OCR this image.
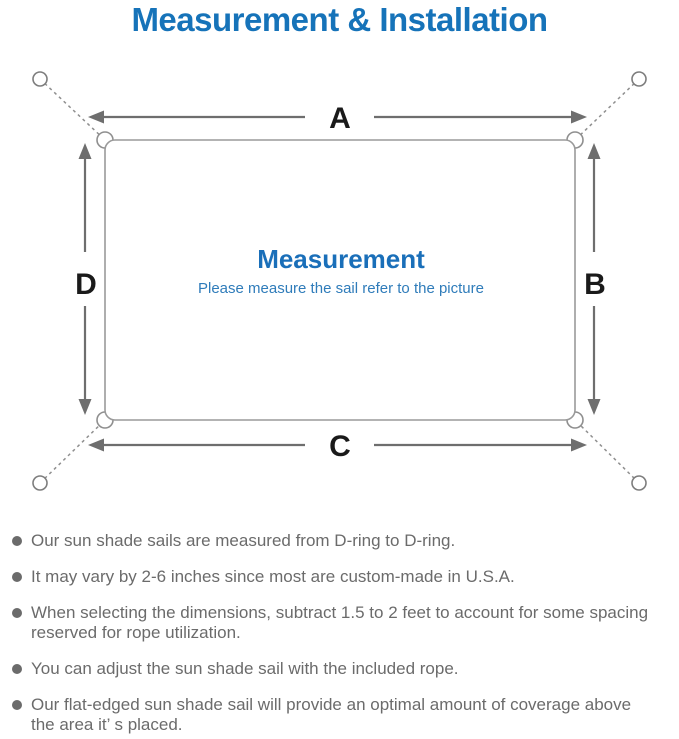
Measurement & Installation
A
B
C
D
Measurement
Please measure the sail refer to the picture
Our sun shade sails are measured from D-ring to D-ring.
It may vary by 2-6 inches since most are custom-made in U.S.A.
When selecting the dimensions, subtract 1.5 to 2 feet to account for some spacing
reserved for rope utilization.
You can adjust the sun shade sail with the included rope.
Our flat-edged sun shade sail will provide an optimal amount of coverage above
the area it’ s placed.
